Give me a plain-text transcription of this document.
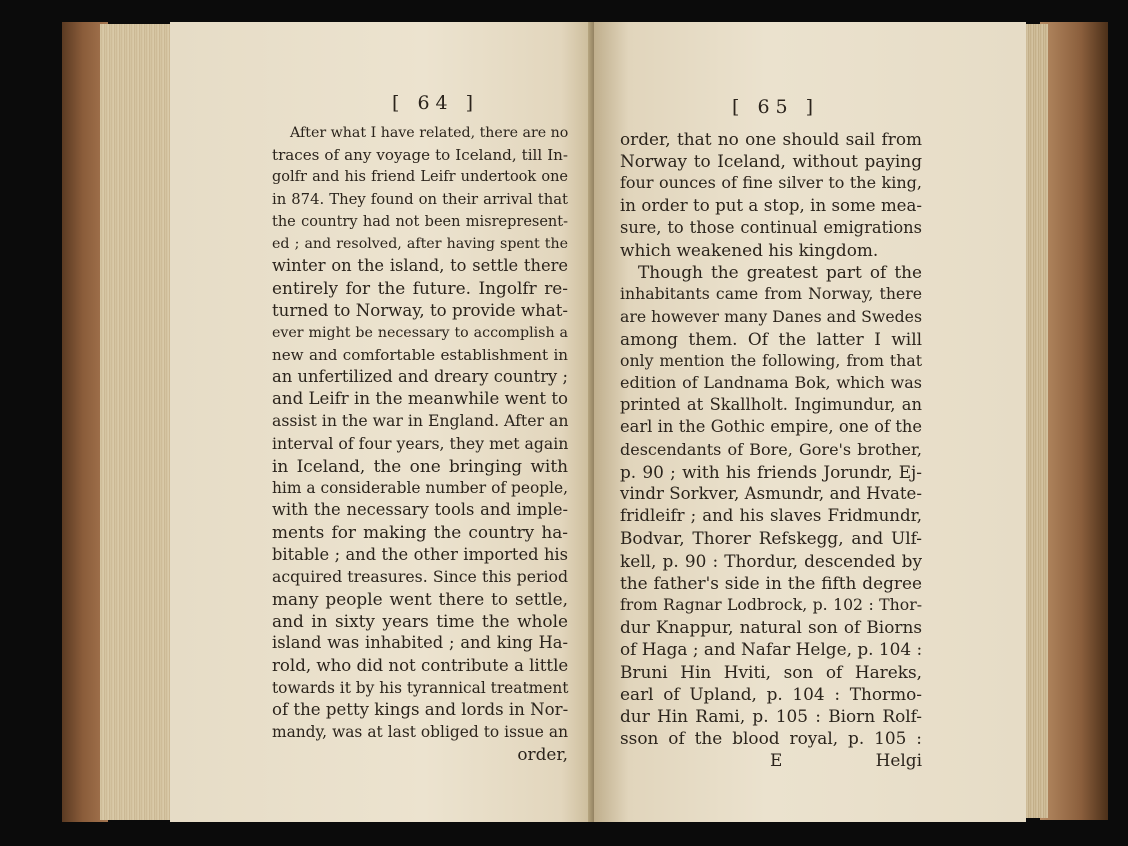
[ 64 ]
After what I have related, there are no
traces of any voyage to Iceland, till In-
golfr and his friend Leifr undertook one
in 874. They found on their arrival that
the country had not been misrepresent-
ed ; and resolved, after having spent the
winter on the island, to settle there
entirely for the future. Ingolfr re-
turned to Norway, to provide what-
ever might be necessary to accomplish a
new and comfortable establishment in
an unfertilized and dreary country ;
and Leifr in the meanwhile went to
assist in the war in England. After an
interval of four years, they met again
in Iceland, the one bringing with
him a considerable number of people,
with the necessary tools and imple-
ments for making the country ha-
bitable ; and the other imported his
acquired treasures. Since this period
many people went there to settle,
and in sixty years time the whole
island was inhabited ; and king Ha-
rold, who did not contribute a little
towards it by his tyrannical treatment
of the petty kings and lords in Nor-
mandy, was at last obliged to issue an
order,
[ 65 ]
order, that no one should sail from
Norway to Iceland, without paying
four ounces of fine silver to the king,
in order to put a stop, in some mea-
sure, to those continual emigrations
which weakened his kingdom.
Though the greatest part of the
inhabitants came from Norway, there
are however many Danes and Swedes
among them. Of the latter I will
only mention the following, from that
edition of Landnama Bok, which was
printed at Skallholt. Ingimundur, an
earl in the Gothic empire, one of the
descendants of Bore, Gore's brother,
p. 90 ; with his friends Jorundr, Ej-
vindr Sorkver, Asmundr, and Hvate-
fridleifr ; and his slaves Fridmundr,
Bodvar, Thorer Refskegg, and Ulf-
kell, p. 90 : Thordur, descended by
the father's side in the fifth degree
from Ragnar Lodbrock, p. 102 : Thor-
dur Knappur, natural son of Biorns
of Haga ; and Nafar Helge, p. 104 :
Bruni Hin Hviti, son of Hareks,
earl of Upland, p. 104 : Thormo-
dur Hin Rami, p. 105 : Biorn Rolf-
sson of the blood royal, p. 105 :
E	Helgi
